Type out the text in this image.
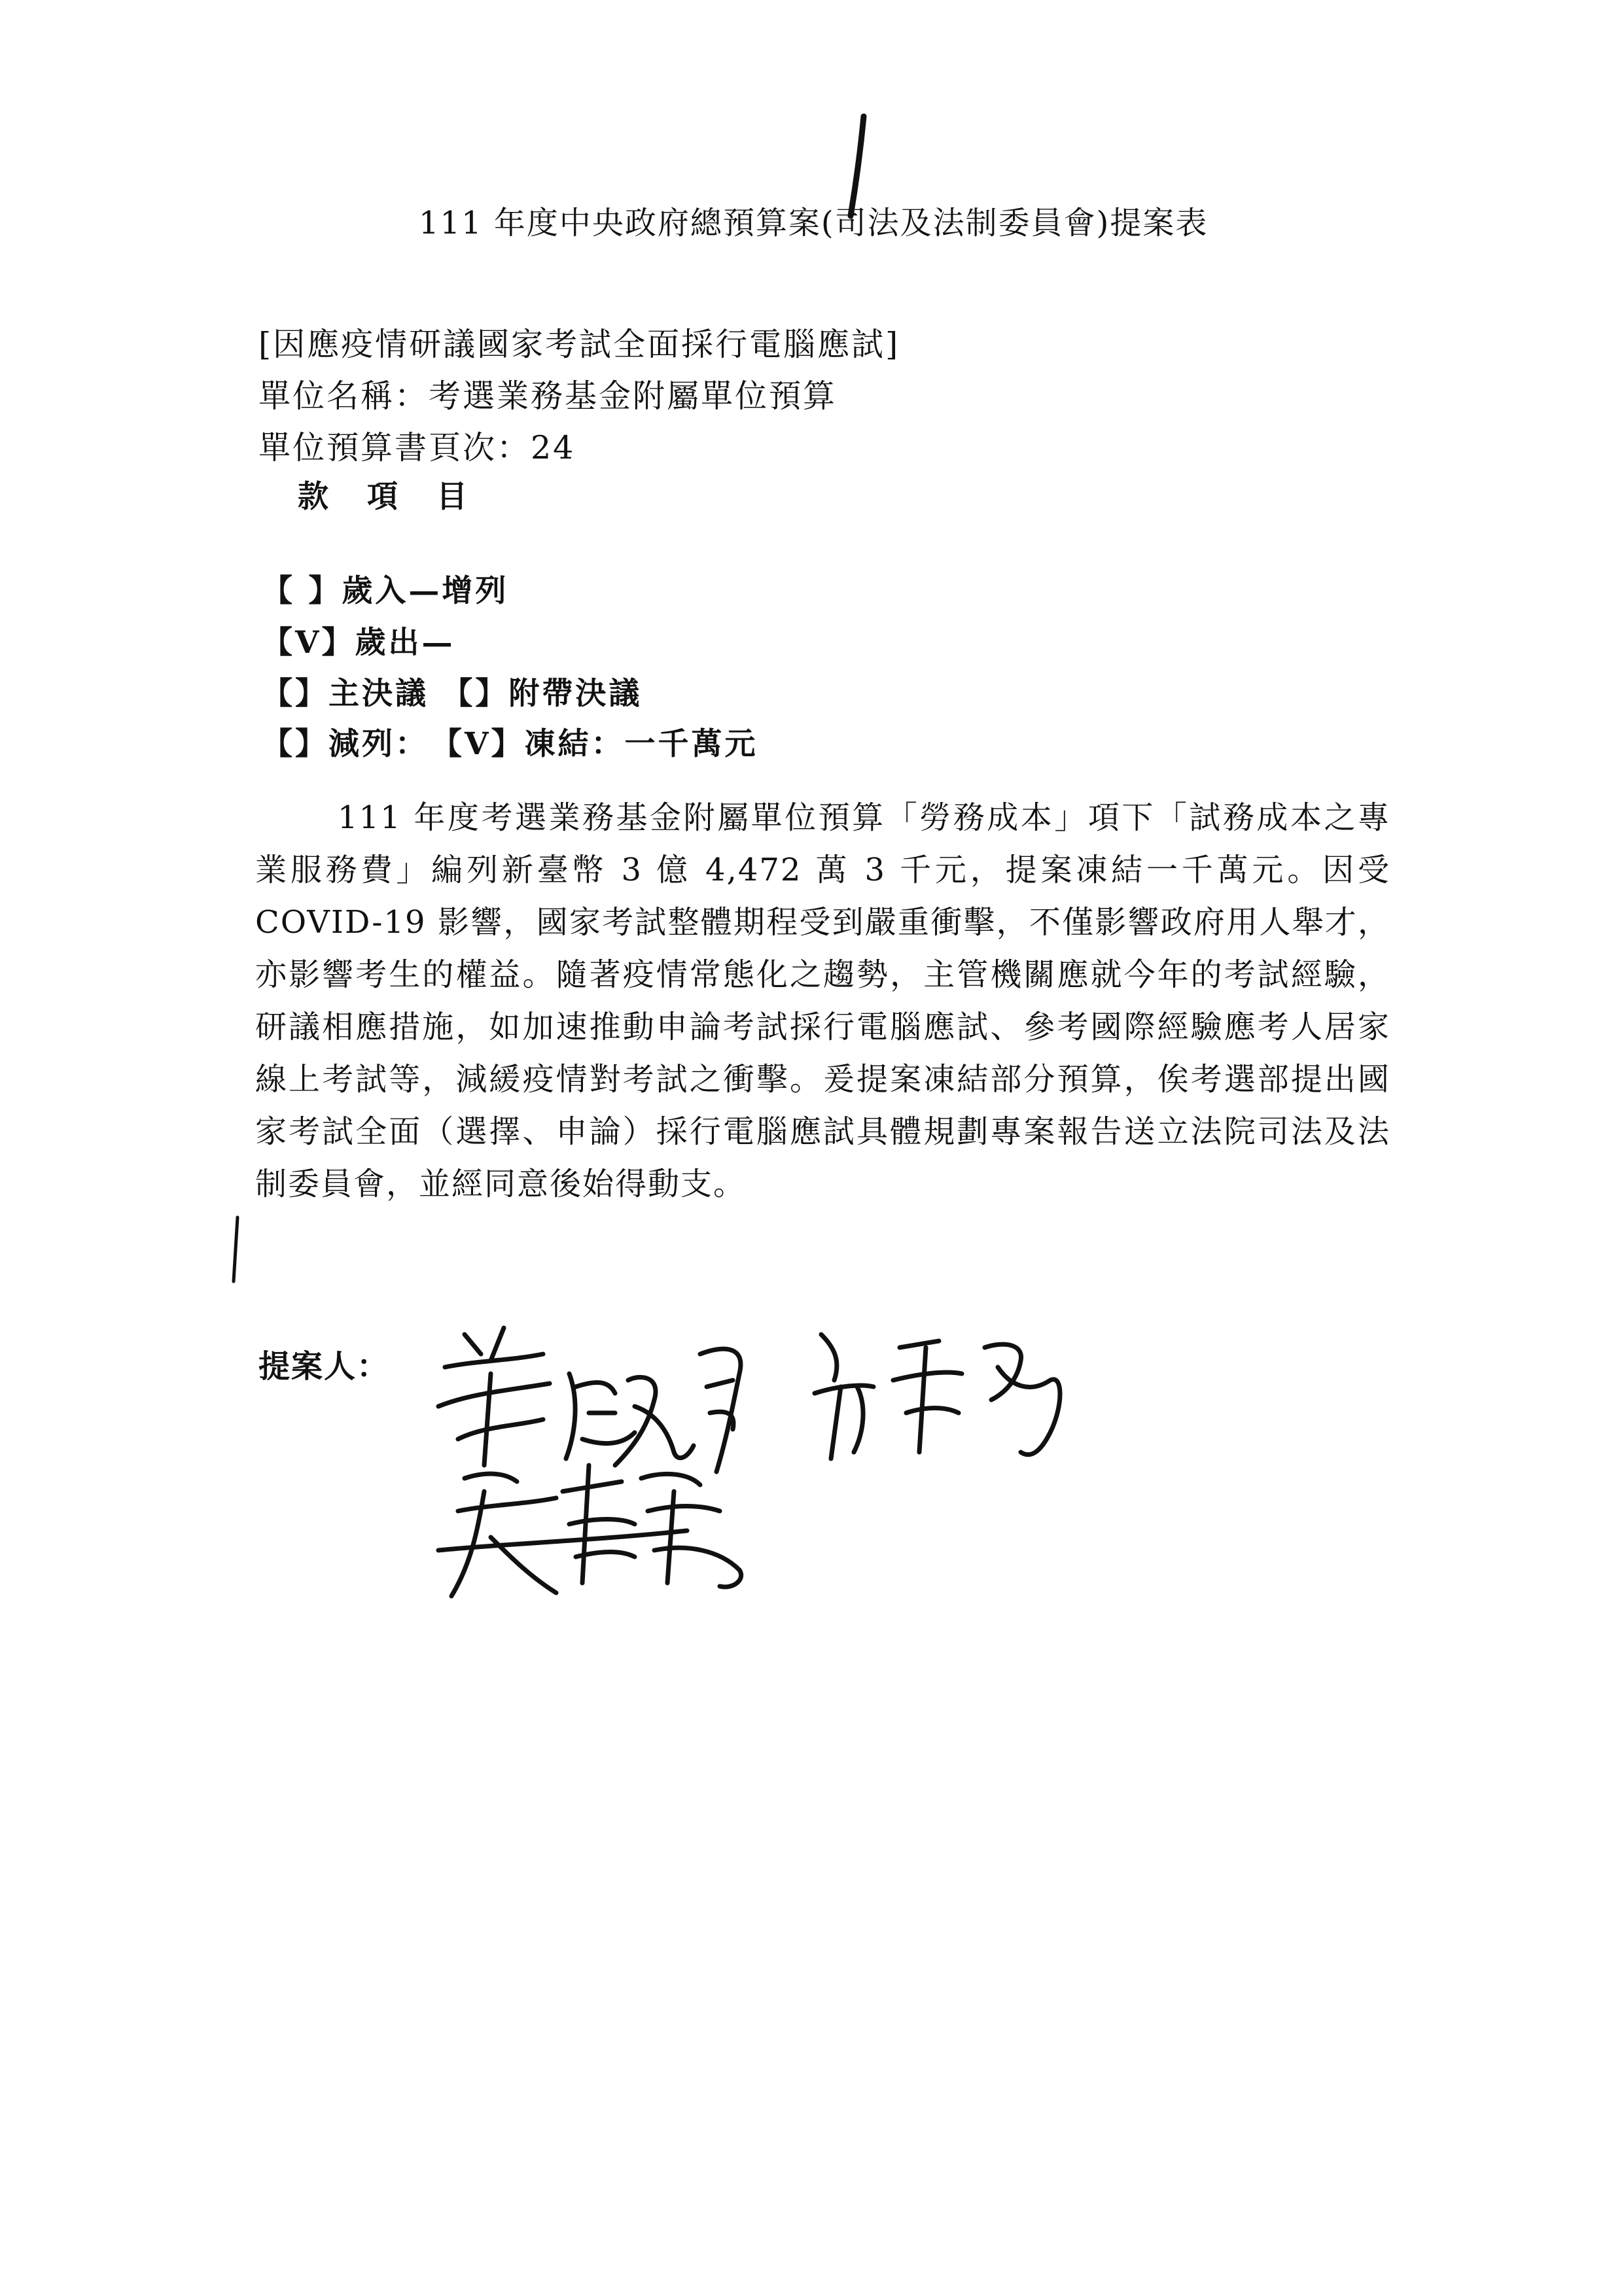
111 年度中央政府總預算案(司法及法制委員會)提案表
[因應疫情研議國家考試全面採行電腦應試]
單位名稱：考選業務基金附屬單位預算
單位預算書頁次：24
款　項　目
【 】歲入—增列
【V】歲出—
【】主決議 【】附帶決議
【】減列：　【V】凍結：一千萬元
111 年度考選業務基金附屬單位預算「勞務成本」項下「試務成本之專業服務費」編列新臺幣 3 億 4,472 萬 3 千元，提案凍結一千萬元。因受 COVID-19 影響，國家考試整體期程受到嚴重衝擊，不僅影響政府用人舉才，亦影響考生的權益。隨著疫情常態化之趨勢，主管機關應就今年的考試經驗，研議相應措施，如加速推動申論考試採行電腦應試、參考國際經驗應考人居家線上考試等，減緩疫情對考試之衝擊。爰提案凍結部分預算，俟考選部提出國家考試全面（選擇、申論）採行電腦應試具體規劃專案報告送立法院司法及法制委員會，並經同意後始得動支。
提案人：
